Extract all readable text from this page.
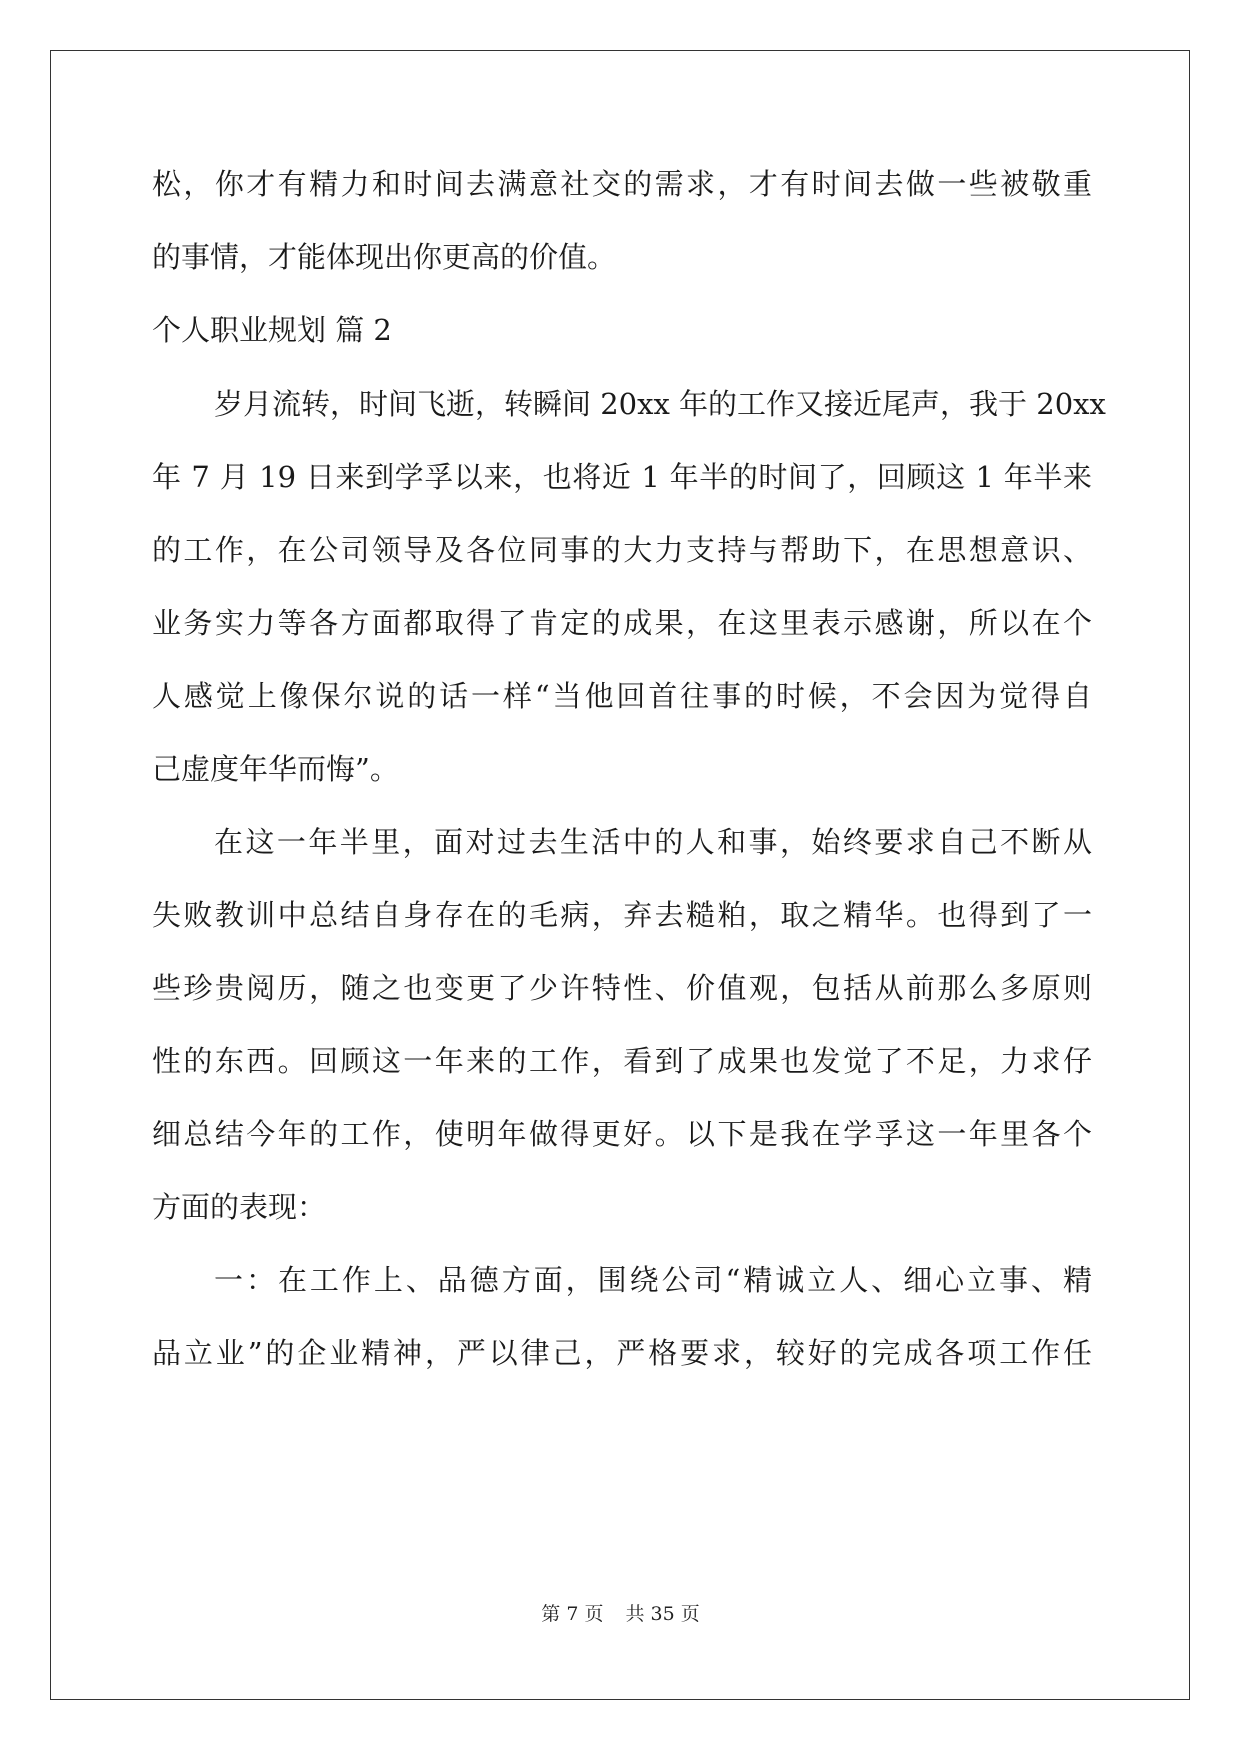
松，你才有精力和时间去满意社交的需求，才有时间去做一些被敬重
的事情，才能体现出你更高的价值。
个人职业规划 篇 2
岁月流转，时间飞逝，转瞬间 20xx 年的工作又接近尾声，我于 20xx
年 7 月 19 日来到学孚以来，也将近 1 年半的时间了，回顾这 1 年半来
的工作，在公司领导及各位同事的大力支持与帮助下，在思想意识、
业务实力等各方面都取得了肯定的成果，在这里表示感谢，所以在个
人感觉上像保尔说的话一样“当他回首往事的时候，不会因为觉得自
己虚度年华而悔”。
在这一年半里，面对过去生活中的人和事，始终要求自己不断从
失败教训中总结自身存在的毛病，弃去糙粕，取之精华。也得到了一
些珍贵阅历，随之也变更了少许特性、价值观，包括从前那么多原则
性的东西。回顾这一年来的工作，看到了成果也发觉了不足，力求仔
细总结今年的工作，使明年做得更好。以下是我在学孚这一年里各个
方面的表现：
一：在工作上、品德方面，围绕公司“精诚立人、细心立事、精
品立业”的企业精神，严以律己，严格要求，较好的完成各项工作任
第 7 页 共 35 页
